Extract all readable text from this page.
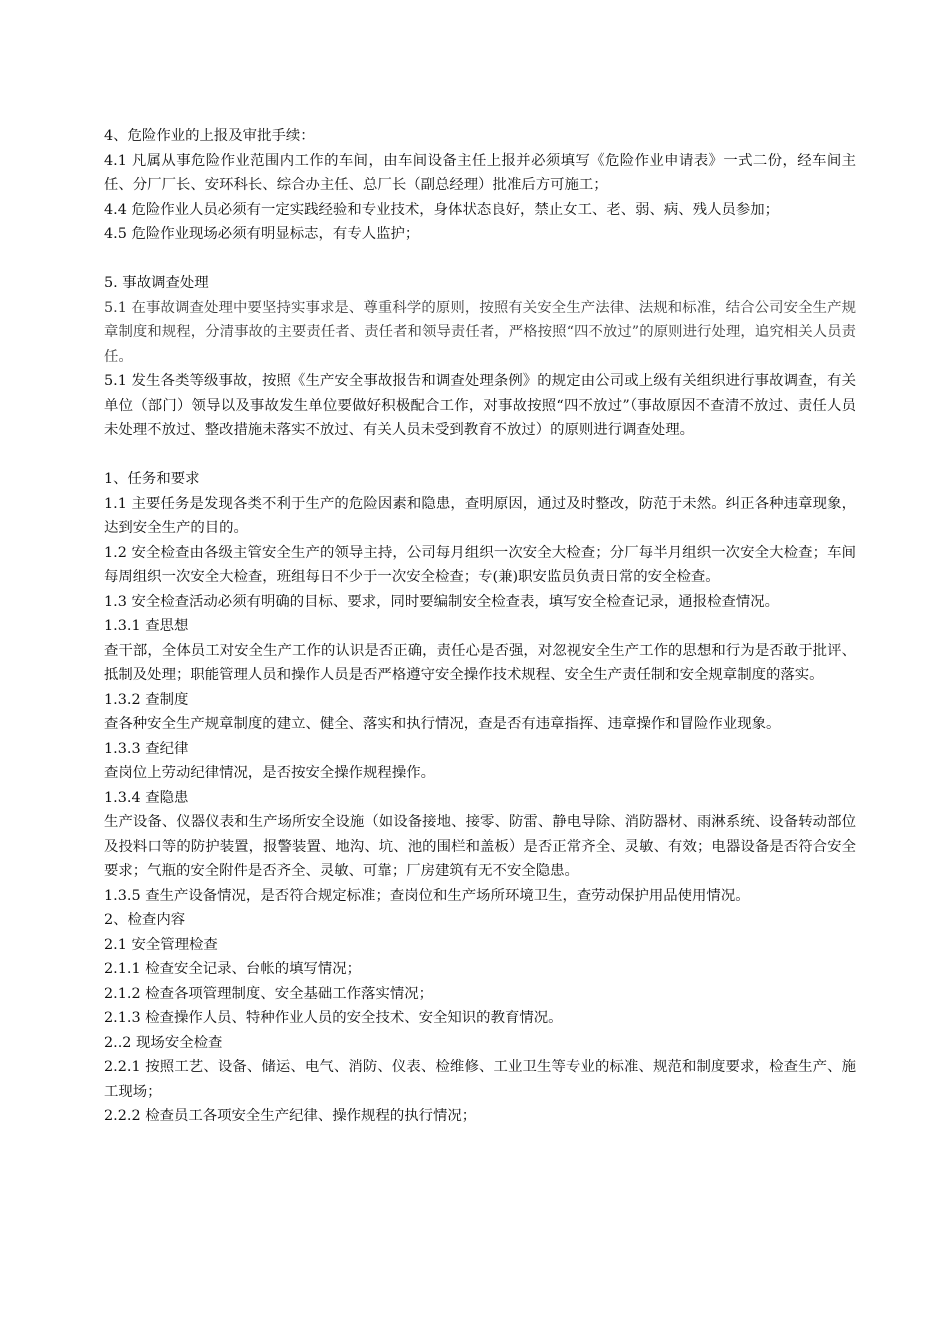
4、危险作业的上报及审批手续：
4.1 凡属从事危险作业范围内工作的车间，由车间设备主任上报并必须填写《危险作业申请表》一式二份，经车间主任、分厂厂长、安环科长、综合办主任、总厂长（副总经理）批准后方可施工；
4.4 危险作业人员必须有一定实践经验和专业技术，身体状态良好，禁止女工、老、弱、病、残人员参加；
4.5 危险作业现场必须有明显标志，有专人监护；
5. 事故调查处理
5.1 在事故调查处理中要坚持实事求是、尊重科学的原则，按照有关安全生产法律、法规和标准，结合公司安全生产规章制度和规程，分清事故的主要责任者、责任者和领导责任者，严格按照“四不放过”的原则进行处理，追究相关人员责任。
5.1 发生各类等级事故，按照《生产安全事故报告和调查处理条例》的规定由公司或上级有关组织进行事故调查，有关单位（部门）领导以及事故发生单位要做好积极配合工作，对事故按照“四不放过”（事故原因不查清不放过、责任人员未处理不放过、整改措施未落实不放过、有关人员未受到教育不放过）的原则进行调查处理。
1、任务和要求
1.1 主要任务是发现各类不利于生产的危险因素和隐患，查明原因，通过及时整改，防范于未然。纠正各种违章现象，达到安全生产的目的。
1.2 安全检查由各级主管安全生产的领导主持，公司每月组织一次安全大检查；分厂每半月组织一次安全大检查；车间每周组织一次安全大检查，班组每日不少于一次安全检查；专(兼)职安监员负责日常的安全检查。
1.3 安全检查活动必须有明确的目标、要求，同时要编制安全检查表，填写安全检查记录，通报检查情况。
1.3.1 查思想
查干部，全体员工对安全生产工作的认识是否正确，责任心是否强，对忽视安全生产工作的思想和行为是否敢于批评、抵制及处理；职能管理人员和操作人员是否严格遵守安全操作技术规程、安全生产责任制和安全规章制度的落实。
1.3.2 查制度
查各种安全生产规章制度的建立、健全、落实和执行情况，查是否有违章指挥、违章操作和冒险作业现象。
1.3.3 查纪律
查岗位上劳动纪律情况，是否按安全操作规程操作。
1.3.4 查隐患
生产设备、仪器仪表和生产场所安全设施（如设备接地、接零、防雷、静电导除、消防器材、雨淋系统、设备转动部位及投料口等的防护装置，报警装置、地沟、坑、池的围栏和盖板）是否正常齐全、灵敏、有效；电器设备是否符合安全要求；气瓶的安全附件是否齐全、灵敏、可靠；厂房建筑有无不安全隐患。
1.3.5 查生产设备情况，是否符合规定标准；查岗位和生产场所环境卫生，查劳动保护用品使用情况。
2、检查内容
2.1 安全管理检查
2.1.1 检查安全记录、台帐的填写情况；
2.1.2 检查各项管理制度、安全基础工作落实情况；
2.1.3 检查操作人员、特种作业人员的安全技术、安全知识的教育情况。
2..2 现场安全检查
2.2.1 按照工艺、设备、储运、电气、消防、仪表、检维修、工业卫生等专业的标准、规范和制度要求，检查生产、施工现场；
2.2.2 检查员工各项安全生产纪律、操作规程的执行情况；
